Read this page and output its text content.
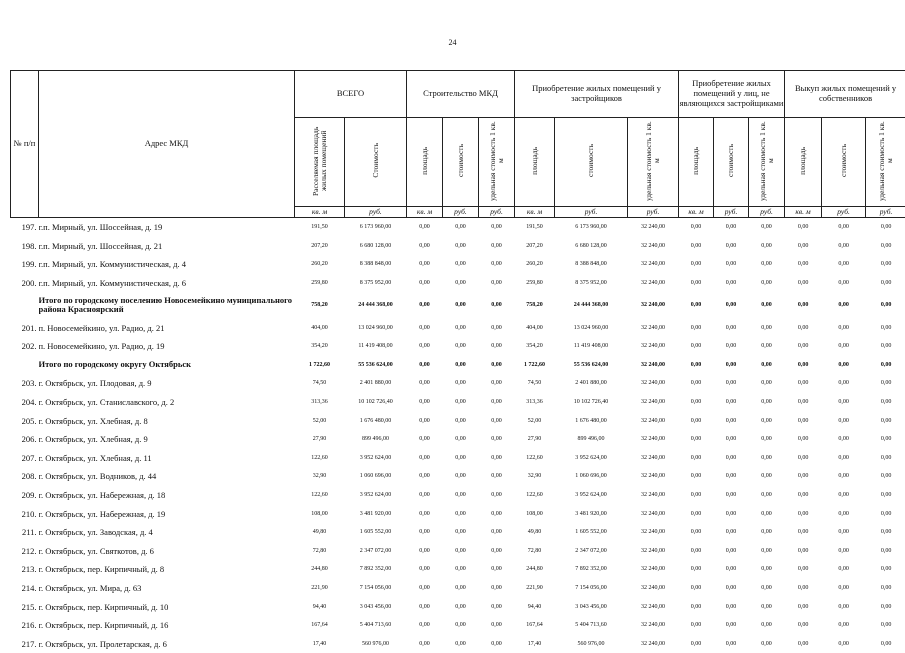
24
№ п/п	Адрес МКД	ВСЕГО		Строительство МКД			Приобретение жилых помещений у застройщиков			Приобретение жилых помещений у лиц, не являющихся застройщиками			Выкуп жилых помещений у собственников		
		Расселяемая площадь жилых помещений	Стоимость	площадь	стоимость	удельная стоимость 1 кв. м	площадь	стоимость	удельная стоимость 1 кв. м	площадь	стоимость	удельная стоимость 1 кв. м	площадь	стоимость	удельная стоимость 1 кв. м
		кв. м	руб.	кв. м	руб.	руб.	кв. м	руб.	руб.	кв. м	руб.	руб.	кв. м	руб.	руб.
197.	г.п. Мирный, ул. Шоссейная, д. 19	191,50	6 173 960,00	0,00	0,00	0,00	191,50	6 173 960,00	32 240,00	0,00	0,00	0,00	0,00	0,00	0,00
198.	г.п. Мирный, ул. Шоссейная, д. 21	207,20	6 680 128,00	0,00	0,00	0,00	207,20	6 680 128,00	32 240,00	0,00	0,00	0,00	0,00	0,00	0,00
199.	г.п. Мирный, ул. Коммунистическая, д. 4	260,20	8 388 848,00	0,00	0,00	0,00	260,20	8 388 848,00	32 240,00	0,00	0,00	0,00	0,00	0,00	0,00
200.	г.п. Мирный, ул. Коммунистическая, д. 6	259,80	8 375 952,00	0,00	0,00	0,00	259,80	8 375 952,00	32 240,00	0,00	0,00	0,00	0,00	0,00	0,00
	Итого по городскому поселению Новосемейкино муниципального района Красноярский	758,20	24 444 368,00	0,00	0,00	0,00	758,20	24 444 368,00	32 240,00	0,00	0,00	0,00	0,00	0,00	0,00
201.	п. Новосемейкино, ул. Радио, д. 21	404,00	13 024 960,00	0,00	0,00	0,00	404,00	13 024 960,00	32 240,00	0,00	0,00	0,00	0,00	0,00	0,00
202.	п. Новосемейкино, ул. Радио, д. 19	354,20	11 419 408,00	0,00	0,00	0,00	354,20	11 419 408,00	32 240,00	0,00	0,00	0,00	0,00	0,00	0,00
	Итого по городскому округу Октябрьск	1 722,60	55 536 624,00	0,00	0,00	0,00	1 722,60	55 536 624,00	32 240,00	0,00	0,00	0,00	0,00	0,00	0,00
203.	г. Октябрьск, ул. Плодовая, д. 9	74,50	2 401 880,00	0,00	0,00	0,00	74,50	2 401 880,00	32 240,00	0,00	0,00	0,00	0,00	0,00	0,00
204.	г. Октябрьск, ул. Станиславского, д. 2	313,36	10 102 726,40	0,00	0,00	0,00	313,36	10 102 726,40	32 240,00	0,00	0,00	0,00	0,00	0,00	0,00
205.	г. Октябрьск, ул. Хлебная, д. 8	52,00	1 676 480,00	0,00	0,00	0,00	52,00	1 676 480,00	32 240,00	0,00	0,00	0,00	0,00	0,00	0,00
206.	г. Октябрьск, ул. Хлебная, д. 9	27,90	899 496,00	0,00	0,00	0,00	27,90	899 496,00	32 240,00	0,00	0,00	0,00	0,00	0,00	0,00
207.	г. Октябрьск, ул. Хлебная, д. 11	122,60	3 952 624,00	0,00	0,00	0,00	122,60	3 952 624,00	32 240,00	0,00	0,00	0,00	0,00	0,00	0,00
208.	г. Октябрьск, ул. Водников, д. 44	32,90	1 060 696,00	0,00	0,00	0,00	32,90	1 060 696,00	32 240,00	0,00	0,00	0,00	0,00	0,00	0,00
209.	г. Октябрьск, ул. Набережная, д. 18	122,60	3 952 624,00	0,00	0,00	0,00	122,60	3 952 624,00	32 240,00	0,00	0,00	0,00	0,00	0,00	0,00
210.	г. Октябрьск, ул. Набережная, д. 19	108,00	3 481 920,00	0,00	0,00	0,00	108,00	3 481 920,00	32 240,00	0,00	0,00	0,00	0,00	0,00	0,00
211.	г. Октябрьск, ул. Заводская, д. 4	49,80	1 605 552,00	0,00	0,00	0,00	49,80	1 605 552,00	32 240,00	0,00	0,00	0,00	0,00	0,00	0,00
212.	г. Октябрьск, ул. Святкотов, д. 6	72,80	2 347 072,00	0,00	0,00	0,00	72,80	2 347 072,00	32 240,00	0,00	0,00	0,00	0,00	0,00	0,00
213.	г. Октябрьск, пер. Кирпичный, д. 8	244,80	7 892 352,00	0,00	0,00	0,00	244,80	7 892 352,00	32 240,00	0,00	0,00	0,00	0,00	0,00	0,00
214.	г. Октябрьск, ул. Мира, д. 63	221,90	7 154 056,00	0,00	0,00	0,00	221,90	7 154 056,00	32 240,00	0,00	0,00	0,00	0,00	0,00	0,00
215.	г. Октябрьск, пер. Кирпичный, д. 10	94,40	3 043 456,00	0,00	0,00	0,00	94,40	3 043 456,00	32 240,00	0,00	0,00	0,00	0,00	0,00	0,00
216.	г. Октябрьск, пер. Кирпичный, д. 16	167,64	5 404 713,60	0,00	0,00	0,00	167,64	5 404 713,60	32 240,00	0,00	0,00	0,00	0,00	0,00	0,00
217.	г. Октябрьск, ул. Пролетарская, д. 6	17,40	560 976,00	0,00	0,00	0,00	17,40	560 976,00	32 240,00	0,00	0,00	0,00	0,00	0,00	0,00
